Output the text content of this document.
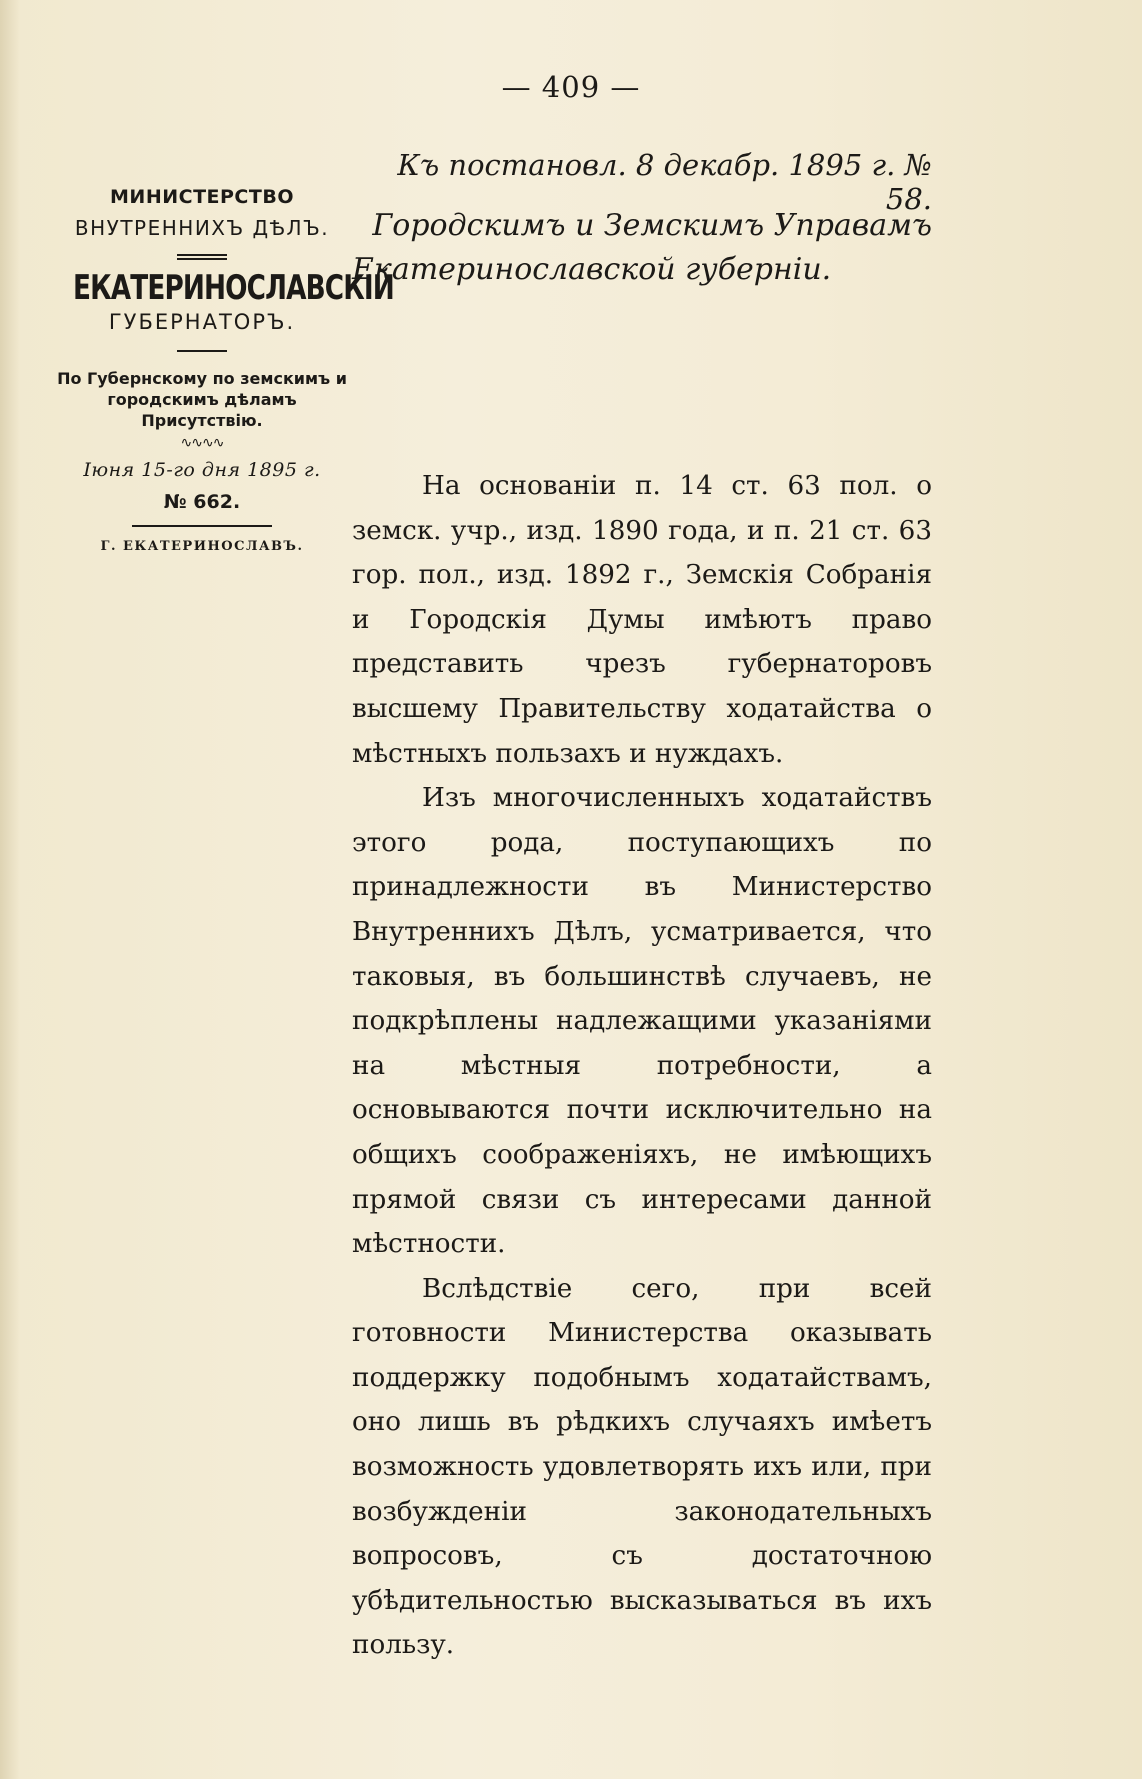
— 409 —
МИНИСТЕРСТВО
ВНУТРЕННИХЪ ДѢЛЪ.
ЕКАТЕРИНОСЛАВСКІЙ
ГУБЕРНАТОРЪ.
По Губернскому по земскимъ и городскимъ дѣламъ Присутствію.
∿∿∿∿
Іюня 15-го дня 1895 г.
№ 662.
Г. ЕКАТЕРИНОСЛАВЪ.
Къ постановл. 8 декабр. 1895 г. № 58.
Городскимъ и Земскимъ Управамъ
Екатеринославской губерніи.

На основаніи п. 14 ст. 63 пол. о земск. учр., изд. 1890 года, и п. 21 ст. 63 гор. пол., изд. 1892 г., Земскія Собранія и Городскія Думы имѣютъ право представить чрезъ губернаторовъ высшему Правительству ходатайства о мѣстныхъ пользахъ и нуждахъ.

Изъ многочисленныхъ ходатайствъ этого рода, поступающихъ по принадлежности въ Министерство Внутреннихъ Дѣлъ, усматривается, что таковыя, въ большинствѣ случаевъ, не подкрѣплены надлежащими указаніями на мѣстныя потребности, а основываются почти исключительно на общихъ соображеніяхъ, не имѣющихъ прямой связи съ интересами данной мѣстности.

Вслѣдствіе сего, при всей готовности Министерства оказывать поддержку подобнымъ ходатайствамъ, оно лишь въ рѣдкихъ случаяхъ имѣетъ возможность удовлетворять ихъ или, при возбужденіи законодательныхъ вопросовъ, съ достаточною убѣдительностью высказываться въ ихъ пользу.
